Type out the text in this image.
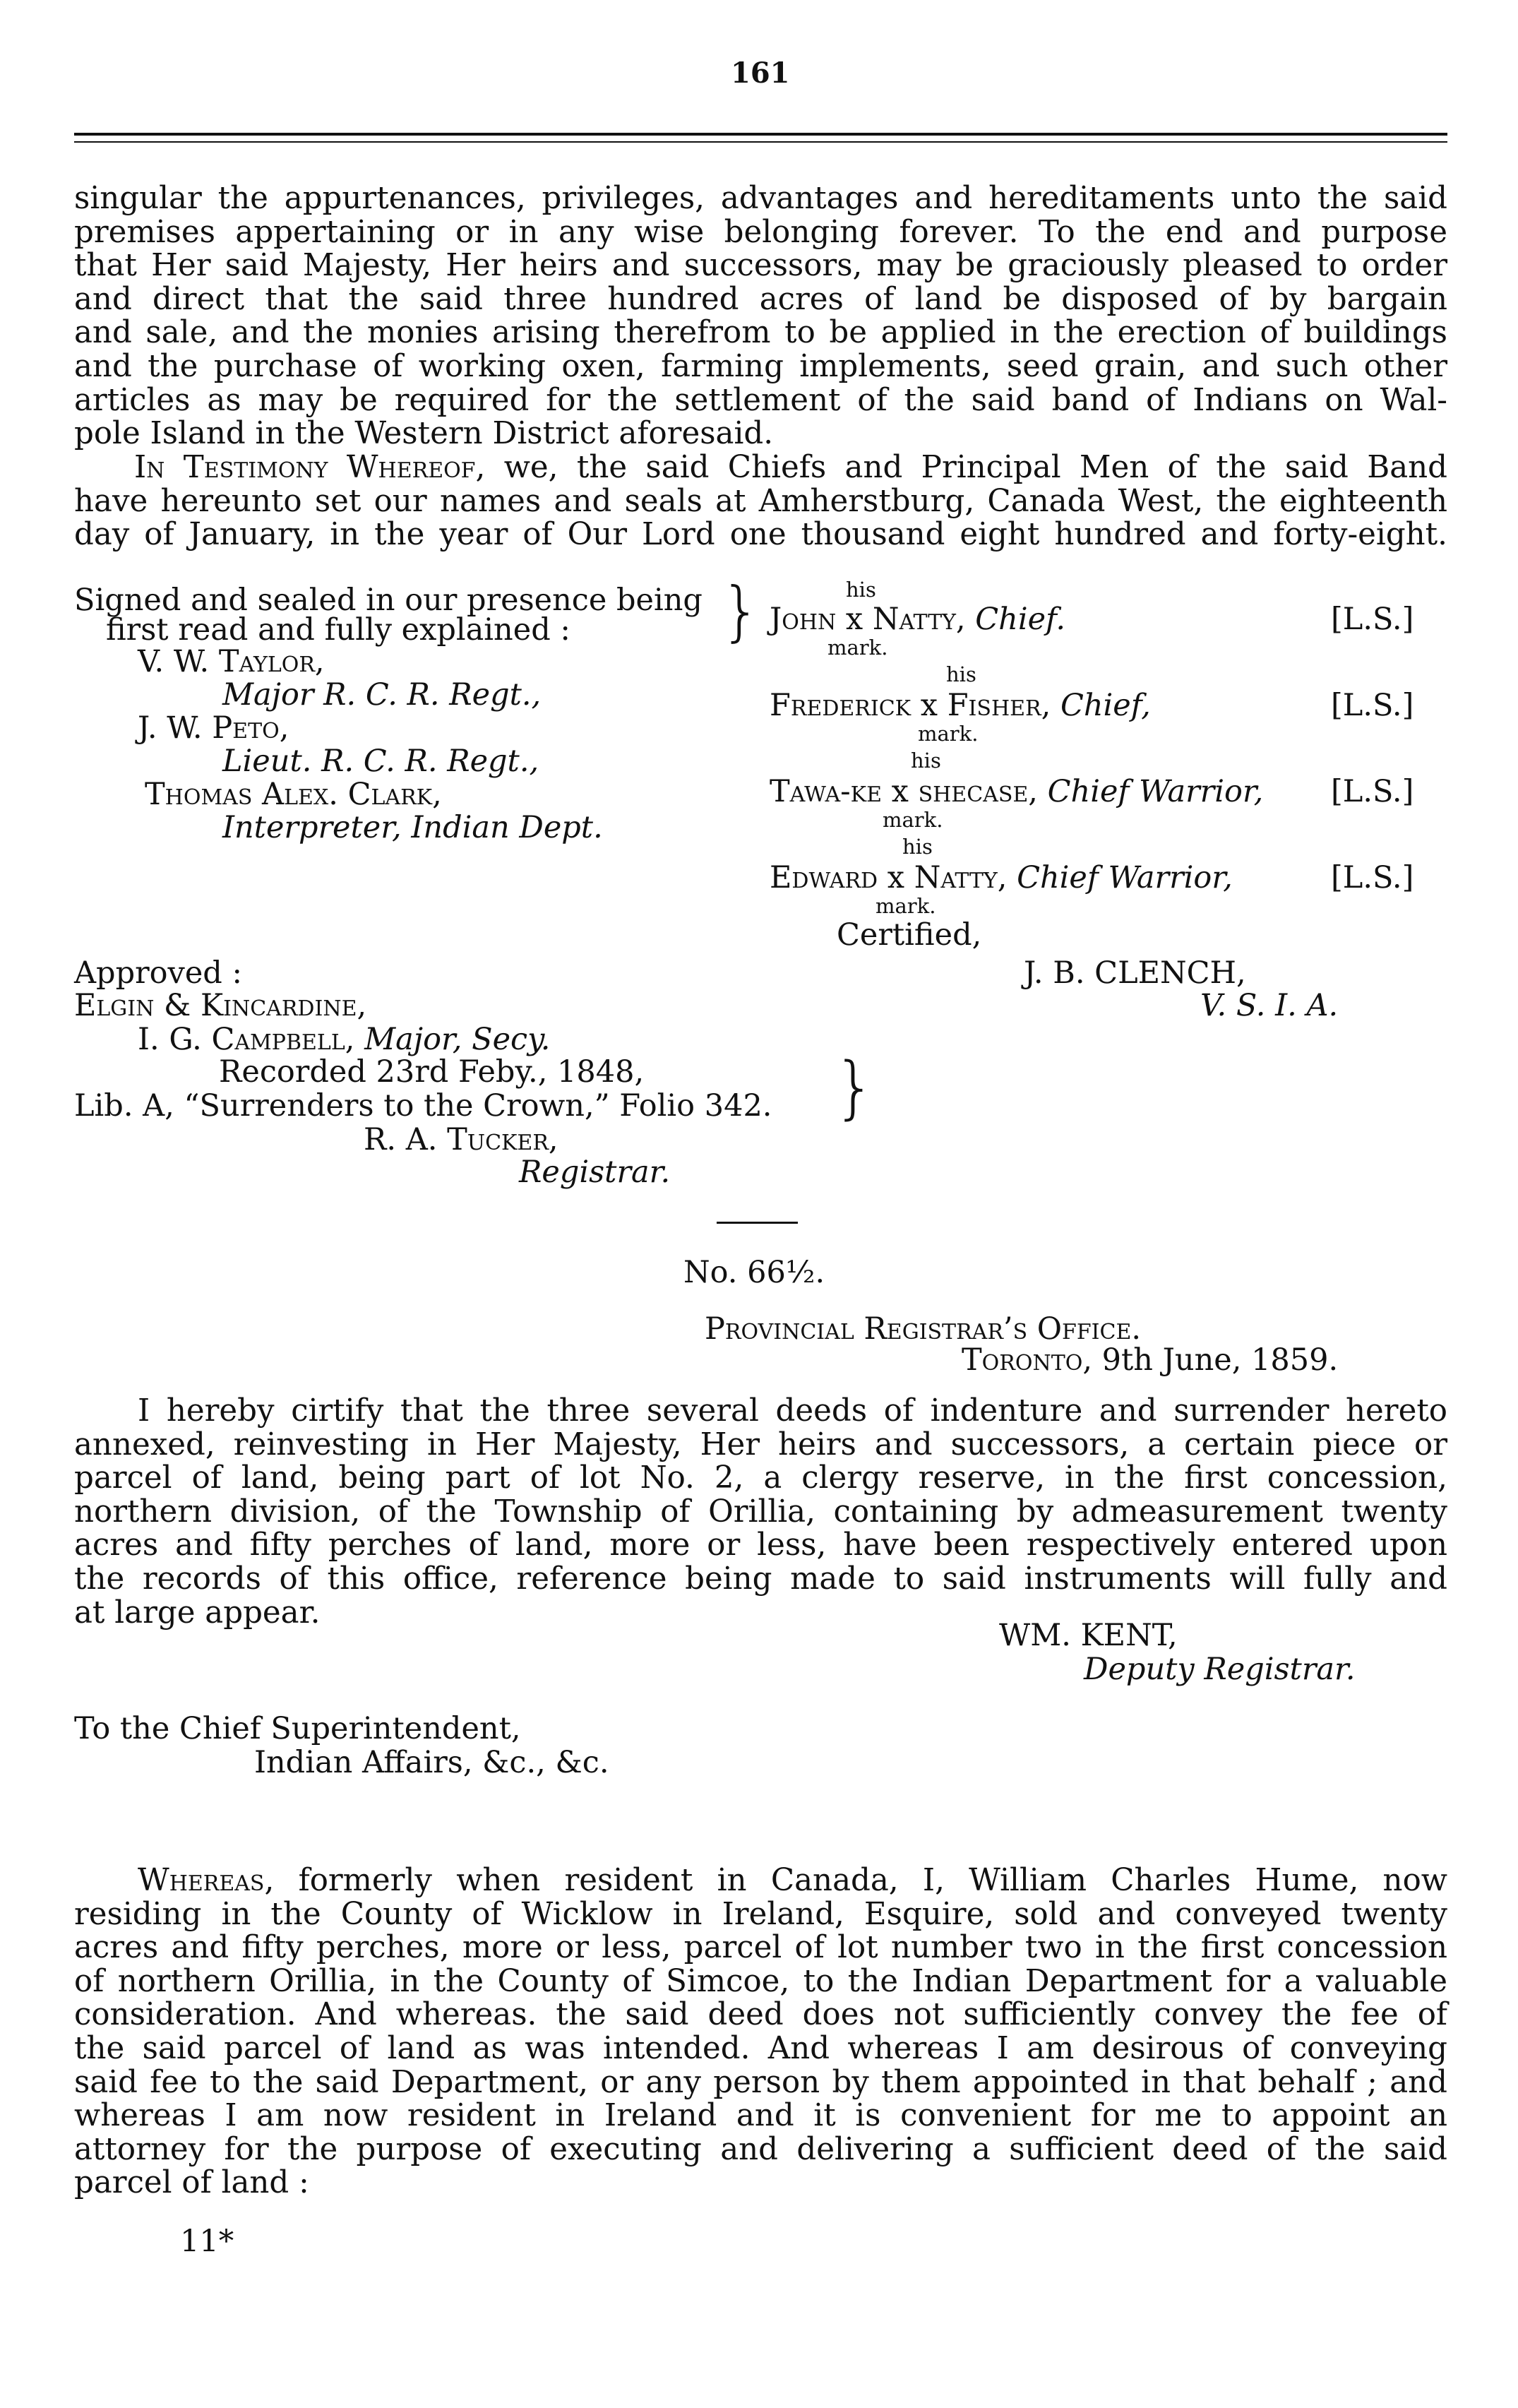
161
singular the appurtenances, privileges, advantages and hereditaments unto the said
premises appertaining or in any wise belonging forever. To the end and purpose
that Her said Majesty, Her heirs and successors, may be graciously pleased to order
and direct that the said three hundred acres of land be disposed of by bargain
and sale, and the monies arising therefrom to be applied in the erection of buildings
and the purchase of working oxen, farming implements, seed grain, and such other
articles as may be required for the settlement of the said band of Indians on Wal-
pole Island in the Western District aforesaid.
In Testimony Whereof, we, the said Chiefs and Principal Men of the said Band
have hereunto set our names and seals at Amherstburg, Canada West, the eighteenth
day of January, in the year of Our Lord one thousand eight hundred and forty-eight.
Signed and sealed in our presence being
first read and fully explained : }
V. W. Taylor,
Major R. C. R. Regt.,
J. W. Peto,
Lieut. R. C. R. Regt.,
Thomas Alex. Clark,
Interpreter, Indian Dept.
his
John x Natty, Chief.	[L.S.]
mark.
his
Frederick x Fisher, Chief,	[L.S.]
mark.
his
Tawa-ke x shecase, Chief Warrior, [L.S.]
mark.
his
Edward x Natty, Chief Warrior,	[L.S.]
mark.
Certified,
J. B. CLENCH,
V. S. I. A.
Approved :
Elgin & Kincardine,
I. G. Campbell, Major, Secy.
Recorded 23rd Feby., 1848,
Lib. A, “Surrenders to the Crown,” Folio 342. }
R. A. Tucker,
Registrar.
No. 66½.
Provincial Registrar’s Office.
Toronto, 9th June, 1859.
I hereby cirtify that the three several deeds of indenture and surrender hereto
annexed, reinvesting in Her Majesty, Her heirs and successors, a certain piece or
parcel of land, being part of lot No. 2, a clergy reserve, in the first concession,
northern division, of the Township of Orillia, containing by admeasurement twenty
acres and fifty perches of land, more or less, have been respectively entered upon
the records of this office, reference being made to said instruments will fully and
at large appear.
WM. KENT,
Deputy Registrar.
To the Chief Superintendent,
Indian Affairs, &c., &c.
Whereas, formerly when resident in Canada, I, William Charles Hume, now
residing in the County of Wicklow in Ireland, Esquire, sold and conveyed twenty
acres and fifty perches, more or less, parcel of lot number two in the first concession
of northern Orillia, in the County of Simcoe, to the Indian Department for a valuable
consideration. And whereas. the said deed does not sufficiently convey the fee of
the said parcel of land as was intended. And whereas I am desirous of conveying
said fee to the said Department, or any person by them appointed in that behalf ; and
whereas I am now resident in Ireland and it is convenient for me to appoint an
attorney for the purpose of executing and delivering a sufficient deed of the said
parcel of land :
11*
